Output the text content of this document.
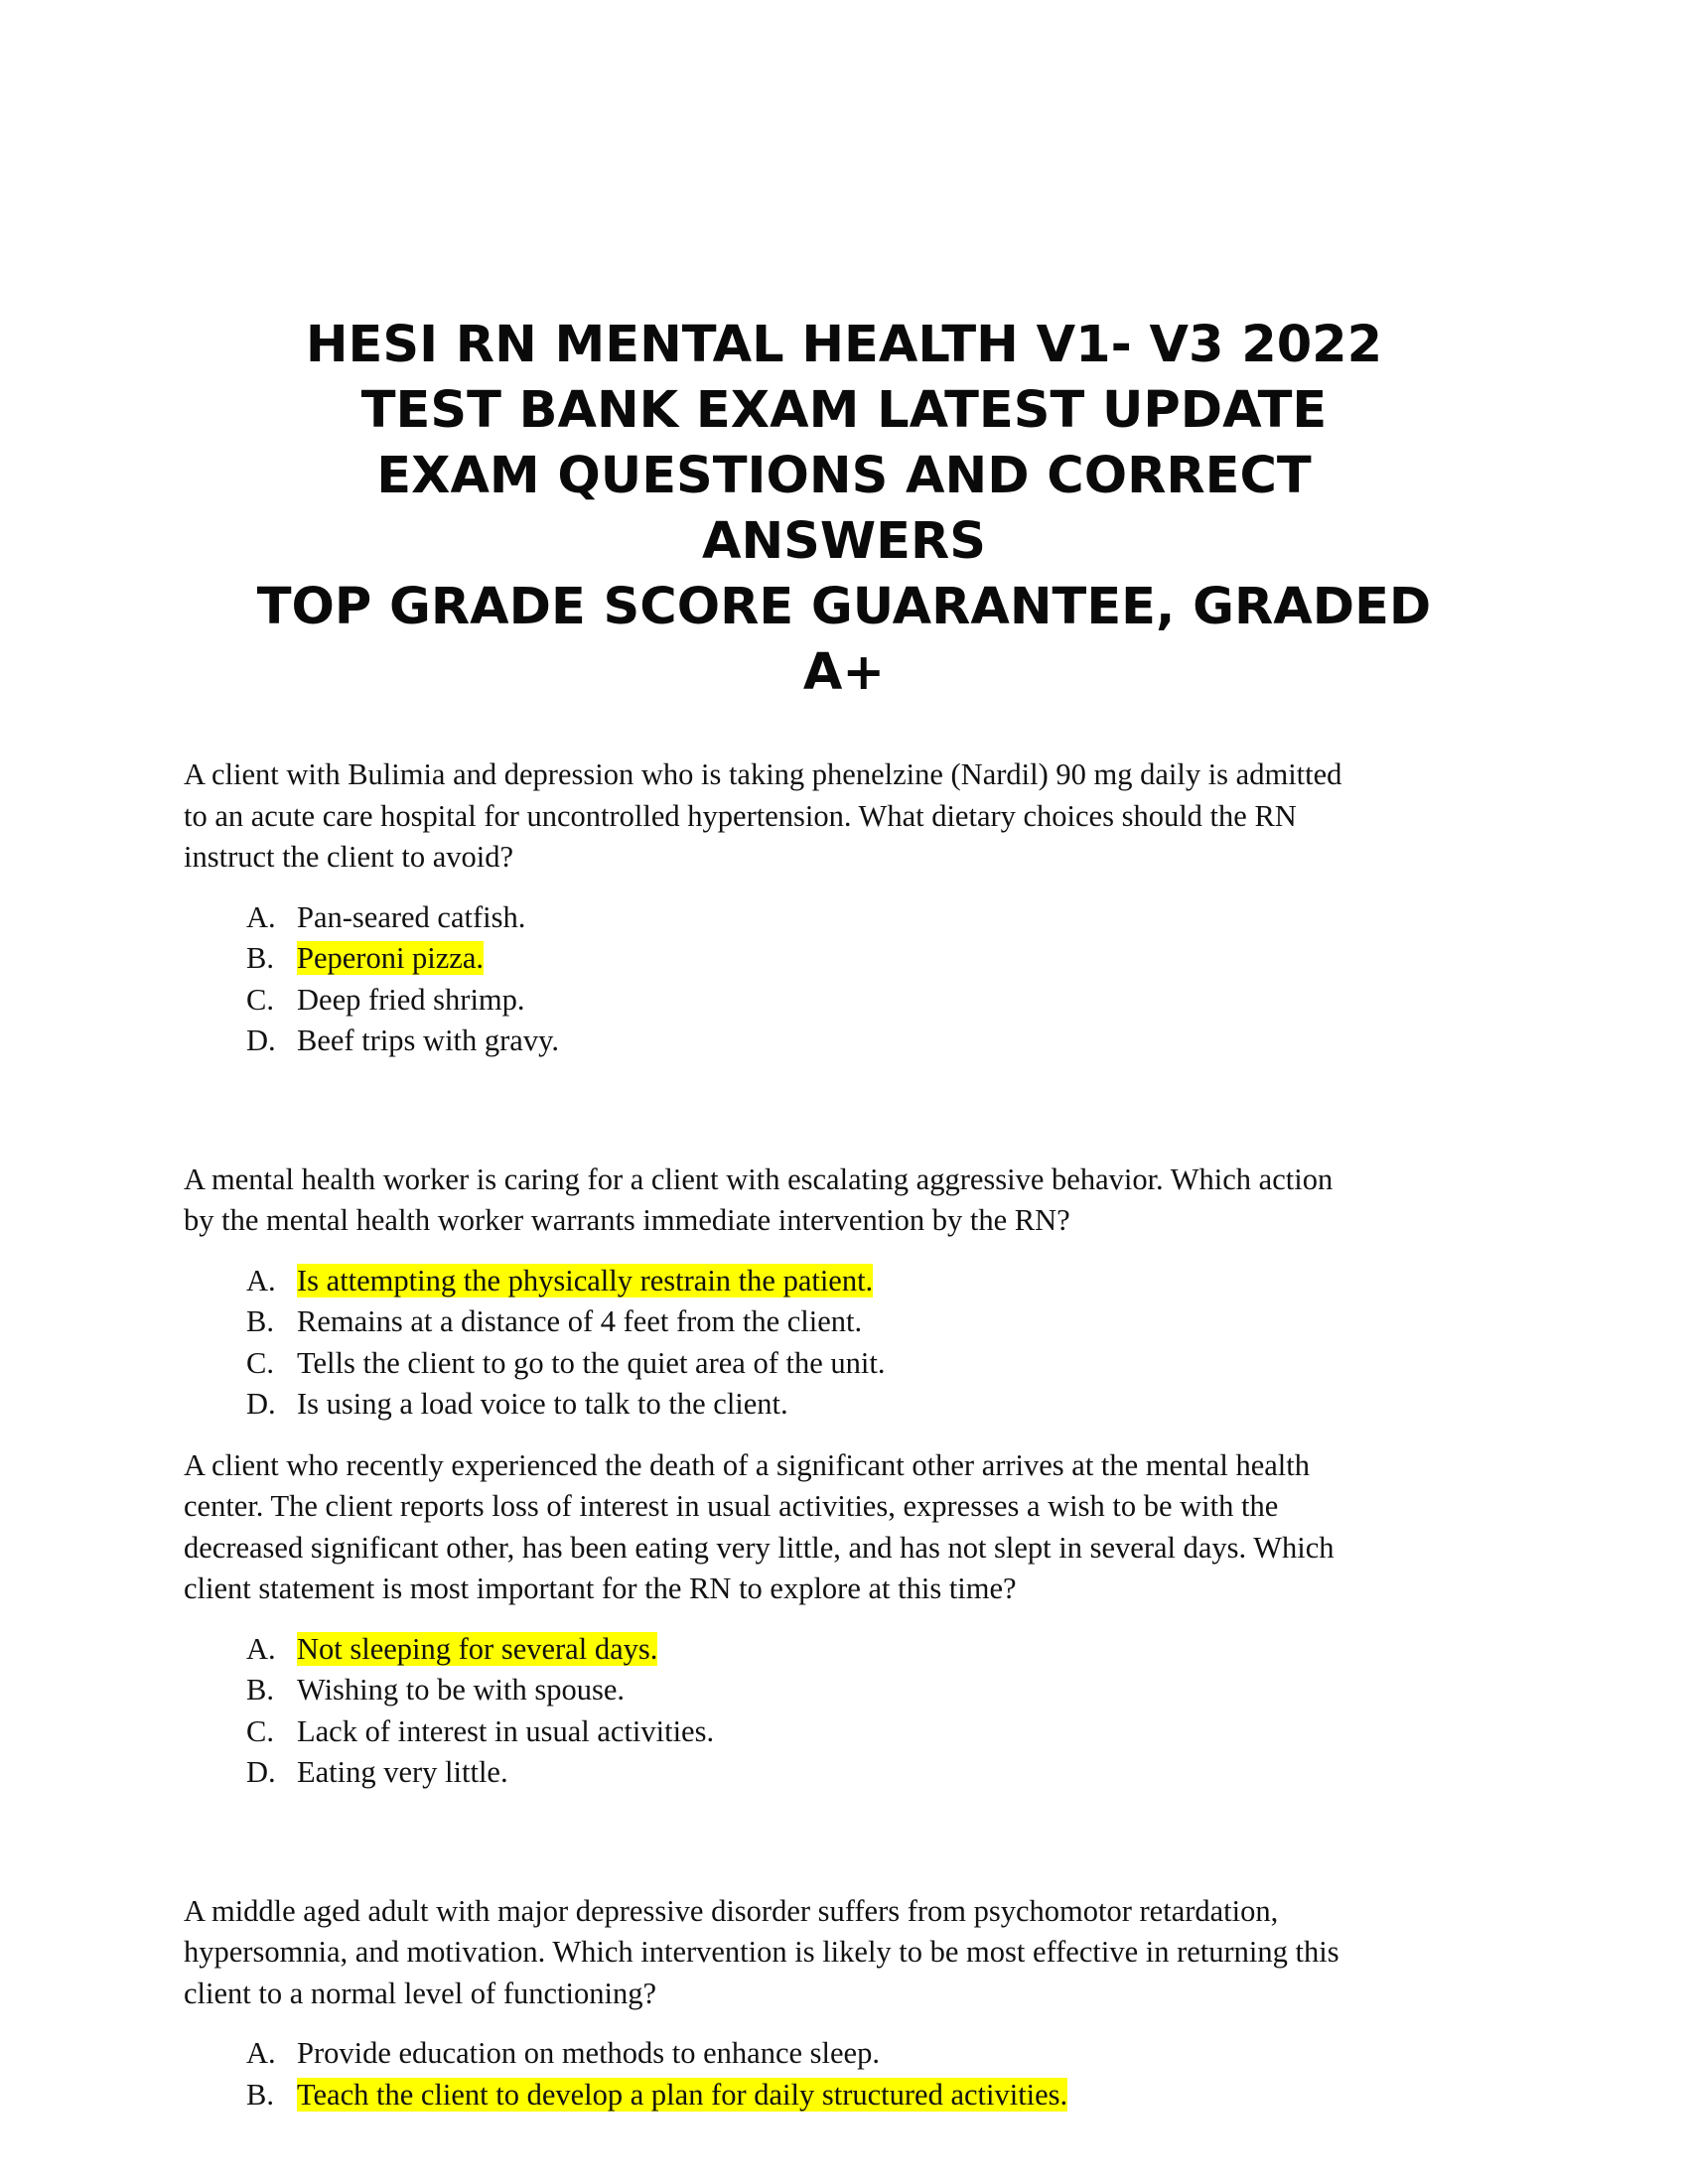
HESI RN MENTAL HEALTH V1- V3 2022
TEST BANK EXAM LATEST UPDATE
EXAM QUESTIONS AND CORRECT
ANSWERS
TOP GRADE SCORE GUARANTEE, GRADED
A+

A client with Bulimia and depression who is taking phenelzine (Nardil) 90 mg daily is admitted
to an acute care hospital for uncontrolled hypertension. What dietary choices should the RN
instruct the client to avoid?

A. Pan-seared catfish.
B. Peperoni pizza.
C. Deep fried shrimp.
D. Beef trips with gravy.

A mental health worker is caring for a client with escalating aggressive behavior. Which action
by the mental health worker warrants immediate intervention by the RN?

A. Is attempting the physically restrain the patient.
B. Remains at a distance of 4 feet from the client.
C. Tells the client to go to the quiet area of the unit.
D. Is using a load voice to talk to the client.

A client who recently experienced the death of a significant other arrives at the mental health
center. The client reports loss of interest in usual activities, expresses a wish to be with the
decreased significant other, has been eating very little, and has not slept in several days. Which
client statement is most important for the RN to explore at this time?

A. Not sleeping for several days.
B. Wishing to be with spouse.
C. Lack of interest in usual activities.
D. Eating very little.

A middle aged adult with major depressive disorder suffers from psychomotor retardation,
hypersomnia, and motivation. Which intervention is likely to be most effective in returning this
client to a normal level of functioning?

A. Provide education on methods to enhance sleep.
B. Teach the client to develop a plan for daily structured activities.
